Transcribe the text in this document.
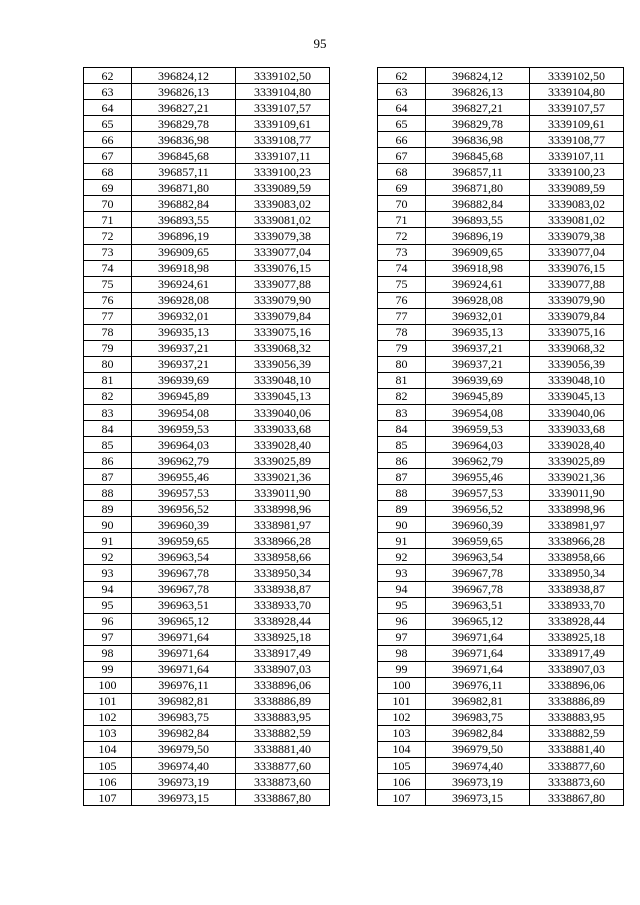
95
62	396824,12	3339102,50
63	396826,13	3339104,80
64	396827,21	3339107,57
65	396829,78	3339109,61
66	396836,98	3339108,77
67	396845,68	3339107,11
68	396857,11	3339100,23
69	396871,80	3339089,59
70	396882,84	3339083,02
71	396893,55	3339081,02
72	396896,19	3339079,38
73	396909,65	3339077,04
74	396918,98	3339076,15
75	396924,61	3339077,88
76	396928,08	3339079,90
77	396932,01	3339079,84
78	396935,13	3339075,16
79	396937,21	3339068,32
80	396937,21	3339056,39
81	396939,69	3339048,10
82	396945,89	3339045,13
83	396954,08	3339040,06
84	396959,53	3339033,68
85	396964,03	3339028,40
86	396962,79	3339025,89
87	396955,46	3339021,36
88	396957,53	3339011,90
89	396956,52	3338998,96
90	396960,39	3338981,97
91	396959,65	3338966,28
92	396963,54	3338958,66
93	396967,78	3338950,34
94	396967,78	3338938,87
95	396963,51	3338933,70
96	396965,12	3338928,44
97	396971,64	3338925,18
98	396971,64	3338917,49
99	396971,64	3338907,03
100	396976,11	3338896,06
101	396982,81	3338886,89
102	396983,75	3338883,95
103	396982,84	3338882,59
104	396979,50	3338881,40
105	396974,40	3338877,60
106	396973,19	3338873,60
107	396973,15	3338867,80
62	396824,12	3339102,50
63	396826,13	3339104,80
64	396827,21	3339107,57
65	396829,78	3339109,61
66	396836,98	3339108,77
67	396845,68	3339107,11
68	396857,11	3339100,23
69	396871,80	3339089,59
70	396882,84	3339083,02
71	396893,55	3339081,02
72	396896,19	3339079,38
73	396909,65	3339077,04
74	396918,98	3339076,15
75	396924,61	3339077,88
76	396928,08	3339079,90
77	396932,01	3339079,84
78	396935,13	3339075,16
79	396937,21	3339068,32
80	396937,21	3339056,39
81	396939,69	3339048,10
82	396945,89	3339045,13
83	396954,08	3339040,06
84	396959,53	3339033,68
85	396964,03	3339028,40
86	396962,79	3339025,89
87	396955,46	3339021,36
88	396957,53	3339011,90
89	396956,52	3338998,96
90	396960,39	3338981,97
91	396959,65	3338966,28
92	396963,54	3338958,66
93	396967,78	3338950,34
94	396967,78	3338938,87
95	396963,51	3338933,70
96	396965,12	3338928,44
97	396971,64	3338925,18
98	396971,64	3338917,49
99	396971,64	3338907,03
100	396976,11	3338896,06
101	396982,81	3338886,89
102	396983,75	3338883,95
103	396982,84	3338882,59
104	396979,50	3338881,40
105	396974,40	3338877,60
106	396973,19	3338873,60
107	396973,15	3338867,80
